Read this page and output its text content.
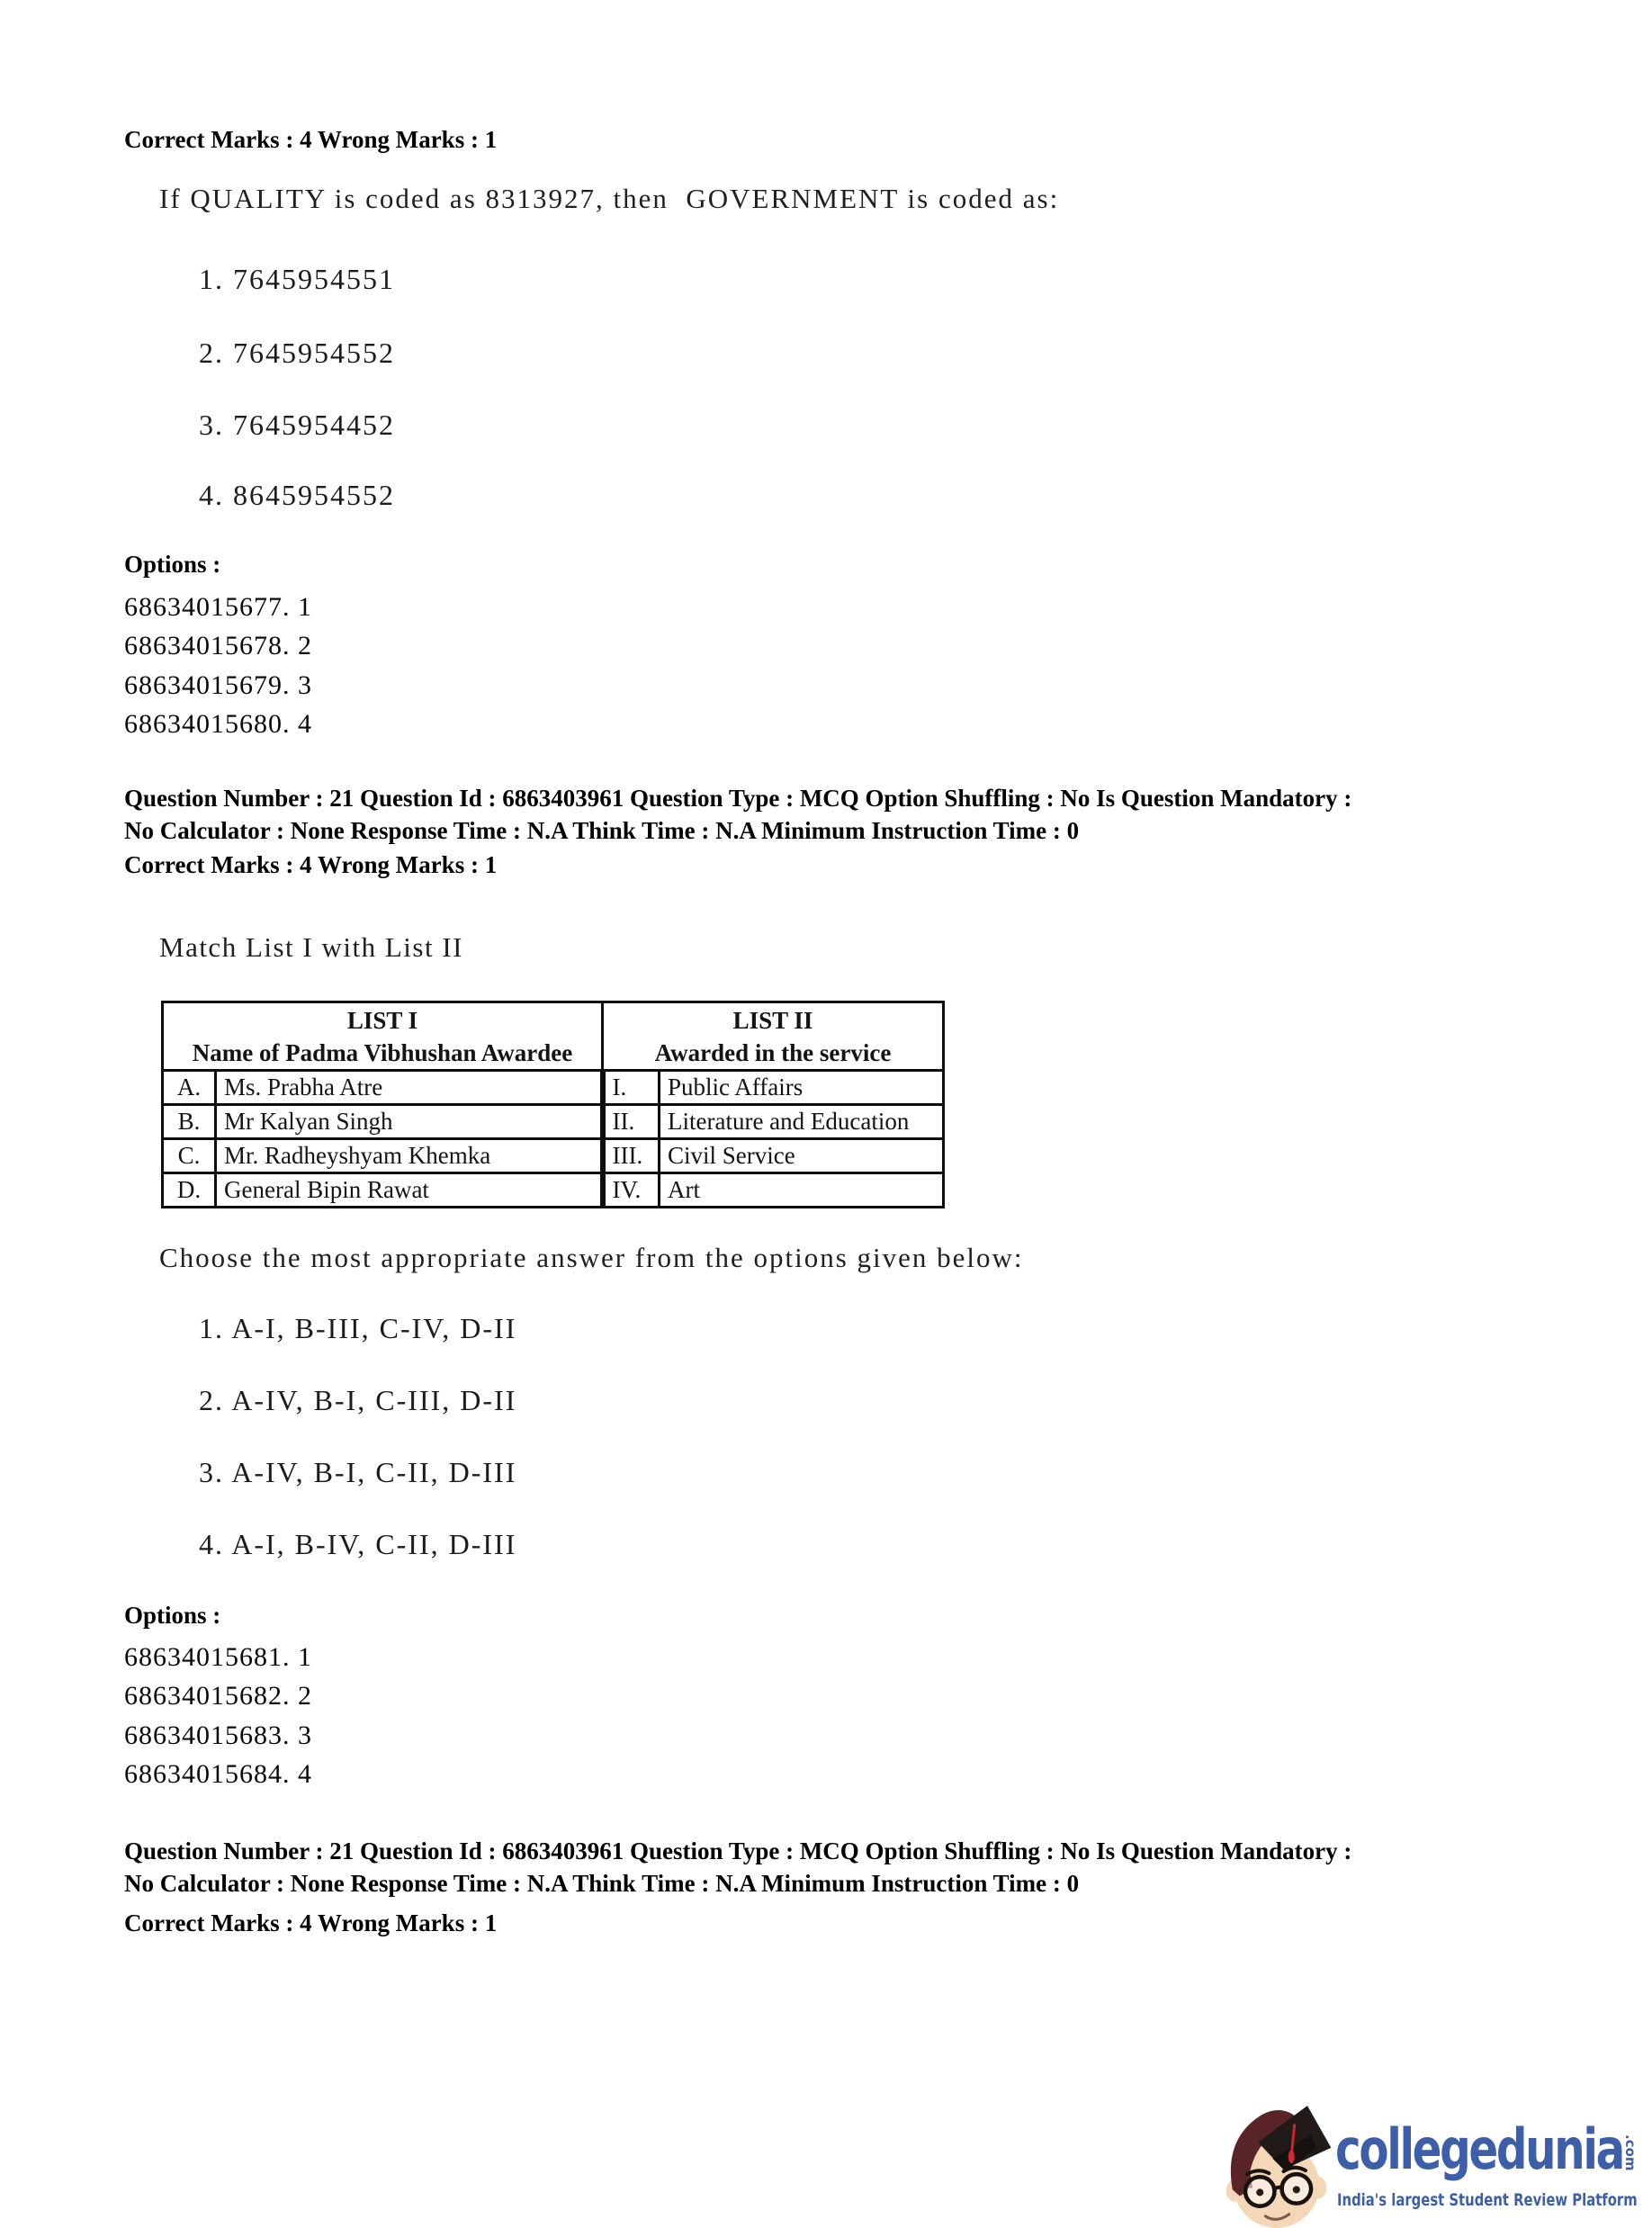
Correct Marks : 4 Wrong Marks : 1
If QUALITY is coded as 8313927, then  GOVERNMENT is coded as:
1. 7645954551
2. 7645954552
3. 7645954452
4. 8645954552
Options :
68634015677. 1
68634015678. 2
68634015679. 3
68634015680. 4
Question Number : 21 Question Id : 6863403961 Question Type : MCQ Option Shuffling : No Is Question Mandatory :
No Calculator : None Response Time : N.A Think Time : N.A Minimum Instruction Time : 0
Correct Marks : 4 Wrong Marks : 1
Match List I with List II
LIST I
Name of Padma Vibhushan Awardee

LIST II
Awarded in the service

A.	Ms. Prabha Atre	I.	Public Affairs
B.	Mr Kalyan Singh	II.	Literature and Education
C.	Mr. Radheyshyam Khemka	III.	Civil Service
D.	General Bipin Rawat	IV.	Art
Choose the most appropriate answer from the options given below:
1. A-I, B-III, C-IV, D-II
2. A-IV, B-I, C-III, D-II
3. A-IV, B-I, C-II, D-III
4. A-I, B-IV, C-II, D-III
Options :
68634015681. 1
68634015682. 2
68634015683. 3
68634015684. 4
Question Number : 21 Question Id : 6863403961 Question Type : MCQ Option Shuffling : No Is Question Mandatory :
No Calculator : None Response Time : N.A Think Time : N.A Minimum Instruction Time : 0
Correct Marks : 4 Wrong Marks : 1
collegedunia .com
India's largest Student Review Platform
